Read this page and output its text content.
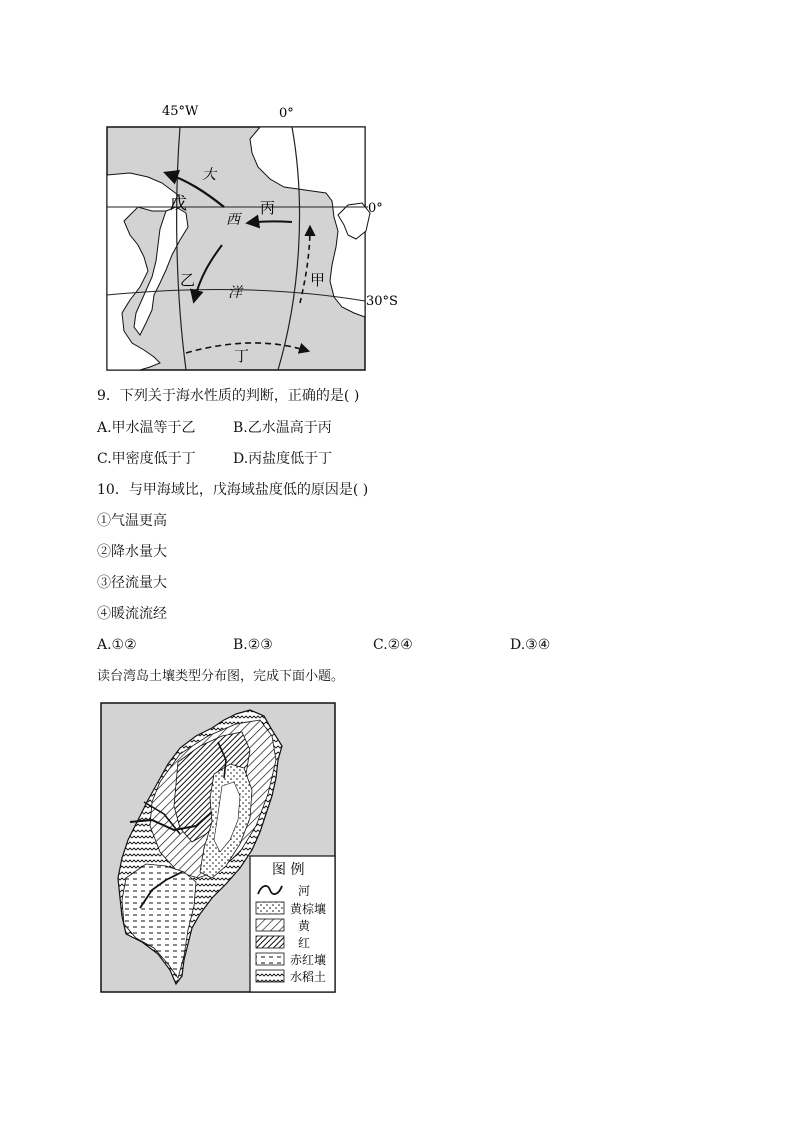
45°W	0°
大
戊
西
丙
乙
洋
甲
丁
0°
30°S
9．下列关于海水性质的判断，正确的是( )
A.甲水温等于乙	B.乙水温高于丙
C.甲密度低于丁	D.丙盐度低于丁
10．与甲海域比，戊海域盐度低的原因是( )
①气温更高
②降水量大
③径流量大
④暖流流经
A.①②	B.②③	C.②④	D.③④
读台湾岛土壤类型分布图，完成下面小题。
图 例
河
黄棕壤
黄
红
赤红壤
水稻土
